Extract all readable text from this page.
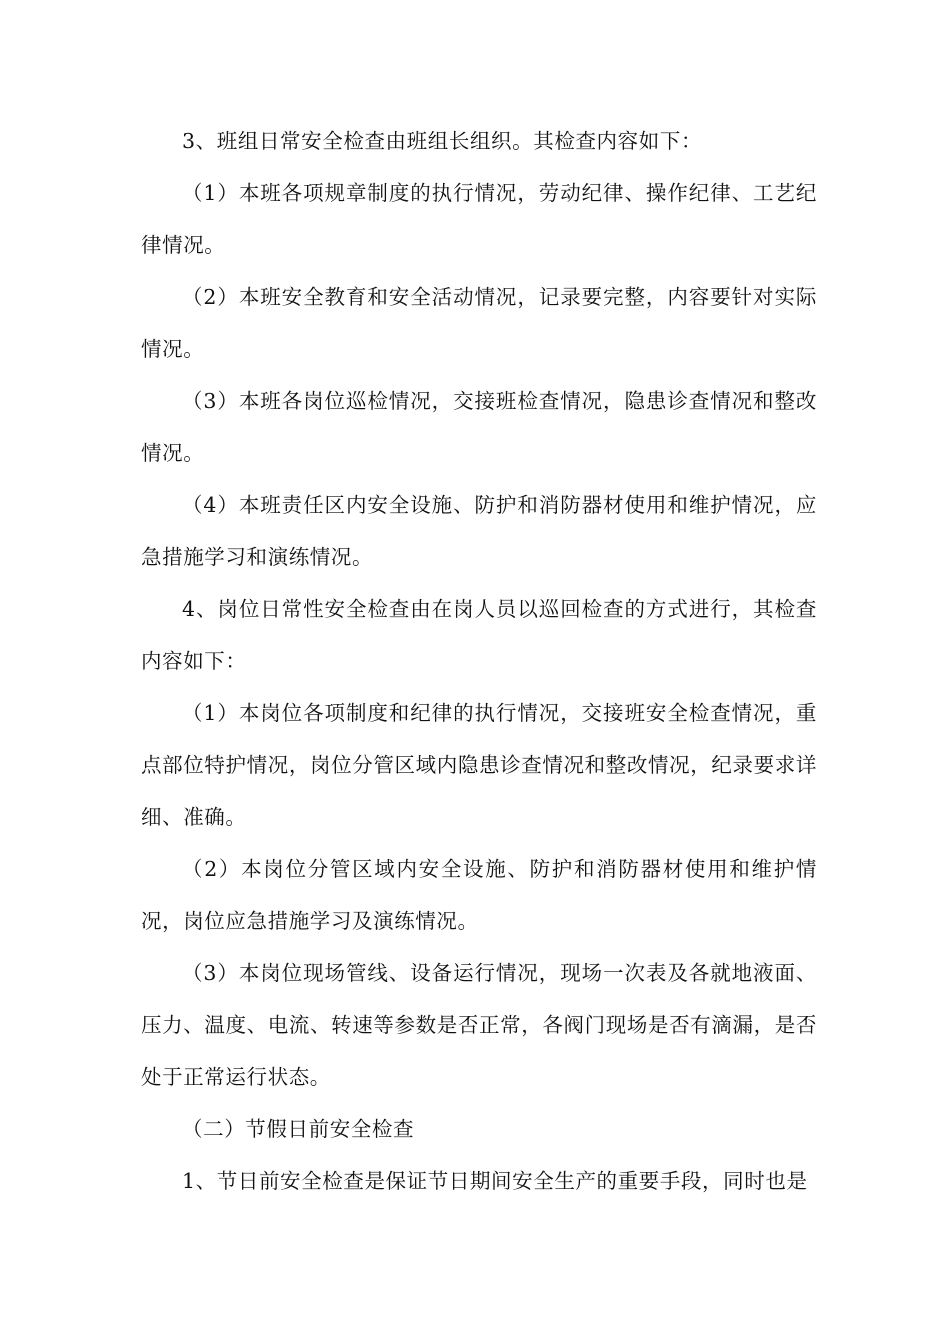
3、班组日常安全检查由班组长组织。其检查内容如下：

（1）本班各项规章制度的执行情况，劳动纪律、操作纪律、工艺纪律情况。

（2）本班安全教育和安全活动情况，记录要完整，内容要针对实际情况。

（3）本班各岗位巡检情况，交接班检查情况，隐患诊查情况和整改情况。

（4）本班责任区内安全设施、防护和消防器材使用和维护情况，应急措施学习和演练情况。

4、岗位日常性安全检查由在岗人员以巡回检查的方式进行，其检查内容如下：

（1）本岗位各项制度和纪律的执行情况，交接班安全检查情况，重点部位特护情况，岗位分管区域内隐患诊查情况和整改情况，纪录要求详细、准确。

（2）本岗位分管区域内安全设施、防护和消防器材使用和维护情况，岗位应急措施学习及演练情况。

（3）本岗位现场管线、设备运行情况，现场一次表及各就地液面、压力、温度、电流、转速等参数是否正常，各阀门现场是否有滴漏，是否处于正常运行状态。

（二）节假日前安全检查

1、节日前安全检查是保证节日期间安全生产的重要手段，同时也是
